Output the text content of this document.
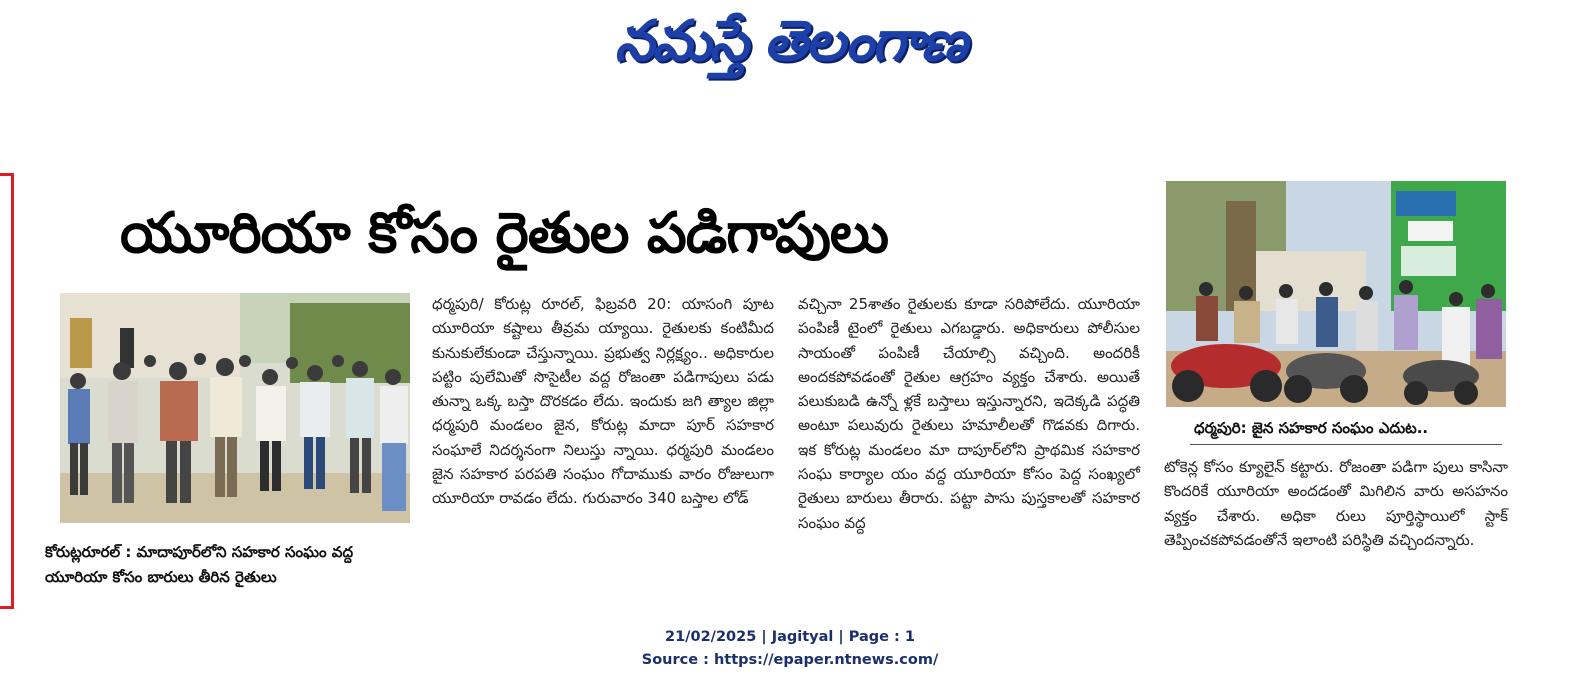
నమస్తే తెలంగాణ
యూరియా కోసం రైతుల పడిగాపులు
కోరుట్లరూరల్ : మాదాపూర్‌లోని సహకార సంఘం వద్ద యూరియా కోసం బారులు తీరిన రైతులు

ధర్మపురి/ కోరుట్ల రూరల్, ఫిబ్రవరి 20: యాసంగి పూట యూరియా కష్టాలు తీవ్రమ య్యాయి. రైతులకు కంటిమీద కునుకులేకుండా చేస్తున్నాయి. ప్రభుత్వ నిర్లక్ష్యం.. అధికారుల పట్టిం పులేమితో సొసైటీల వద్ద రోజంతా పడిగాపులు పడు తున్నా ఒక్క బస్తా దొరకడం లేదు. ఇందుకు జగి త్యాల జిల్లా ధర్మపురి మండలం జైన, కోరుట్ల మాదా పూర్ సహకార సంఘాలే నిదర్శనంగా నిలుస్తు న్నాయి. ధర్మపురి మండలం జైన సహకార పరపతి సంఘం గోదాముకు వారం రోజులుగా యూరియా రావడం లేదు. గురువారం 340 బస్తాల లోడ్

వచ్చినా 25శాతం రైతులకు కూడా సరిపోలేదు. యూరియా పంపిణీ టైంలో రైతులు ఎగబడ్డారు. అధికారులు పోలీసుల సాయంతో పంపిణీ చేయాల్సి వచ్చింది. అందరికీ అందకపోవడంతో రైతుల ఆగ్రహం వ్యక్తం చేశారు. అయితే పలుకుబడి ఉన్నో ళ్లకే బస్తాలు ఇస్తున్నారని, ఇదెక్కడి పద్ధతి అంటూ పలువురు రైతులు హమాలీలతో గొడవకు దిగారు. ఇక కోరుట్ల మండలం మా దాపూర్‌లోని ప్రాథమిక సహకార సంఘ కార్యాల యం వద్ద యూరియా కోసం పెద్ద సంఖ్యలో రైతులు బారులు తీరారు. పట్టా పాసు పుస్తకాలతో సహకార సంఘం వద్ద

ధర్మపురి: జైన సహకార సంఘం ఎదుట..

టోకెన్ల కోసం క్యూలైన్ కట్టారు. రోజంతా పడిగా పులు కాసినా కొందరికే యూరియా అందడంతో మిగిలిన వారు అసహనం వ్యక్తం చేశారు. అధికా రులు పూర్తిస్థాయిలో స్టాక్ తెప్పించకపోవడంతోనే ఇలాంటి పరిస్థితి వచ్చిందన్నారు.

21/02/2025 | Jagityal | Page : 1
Source : https://epaper.ntnews.com/
